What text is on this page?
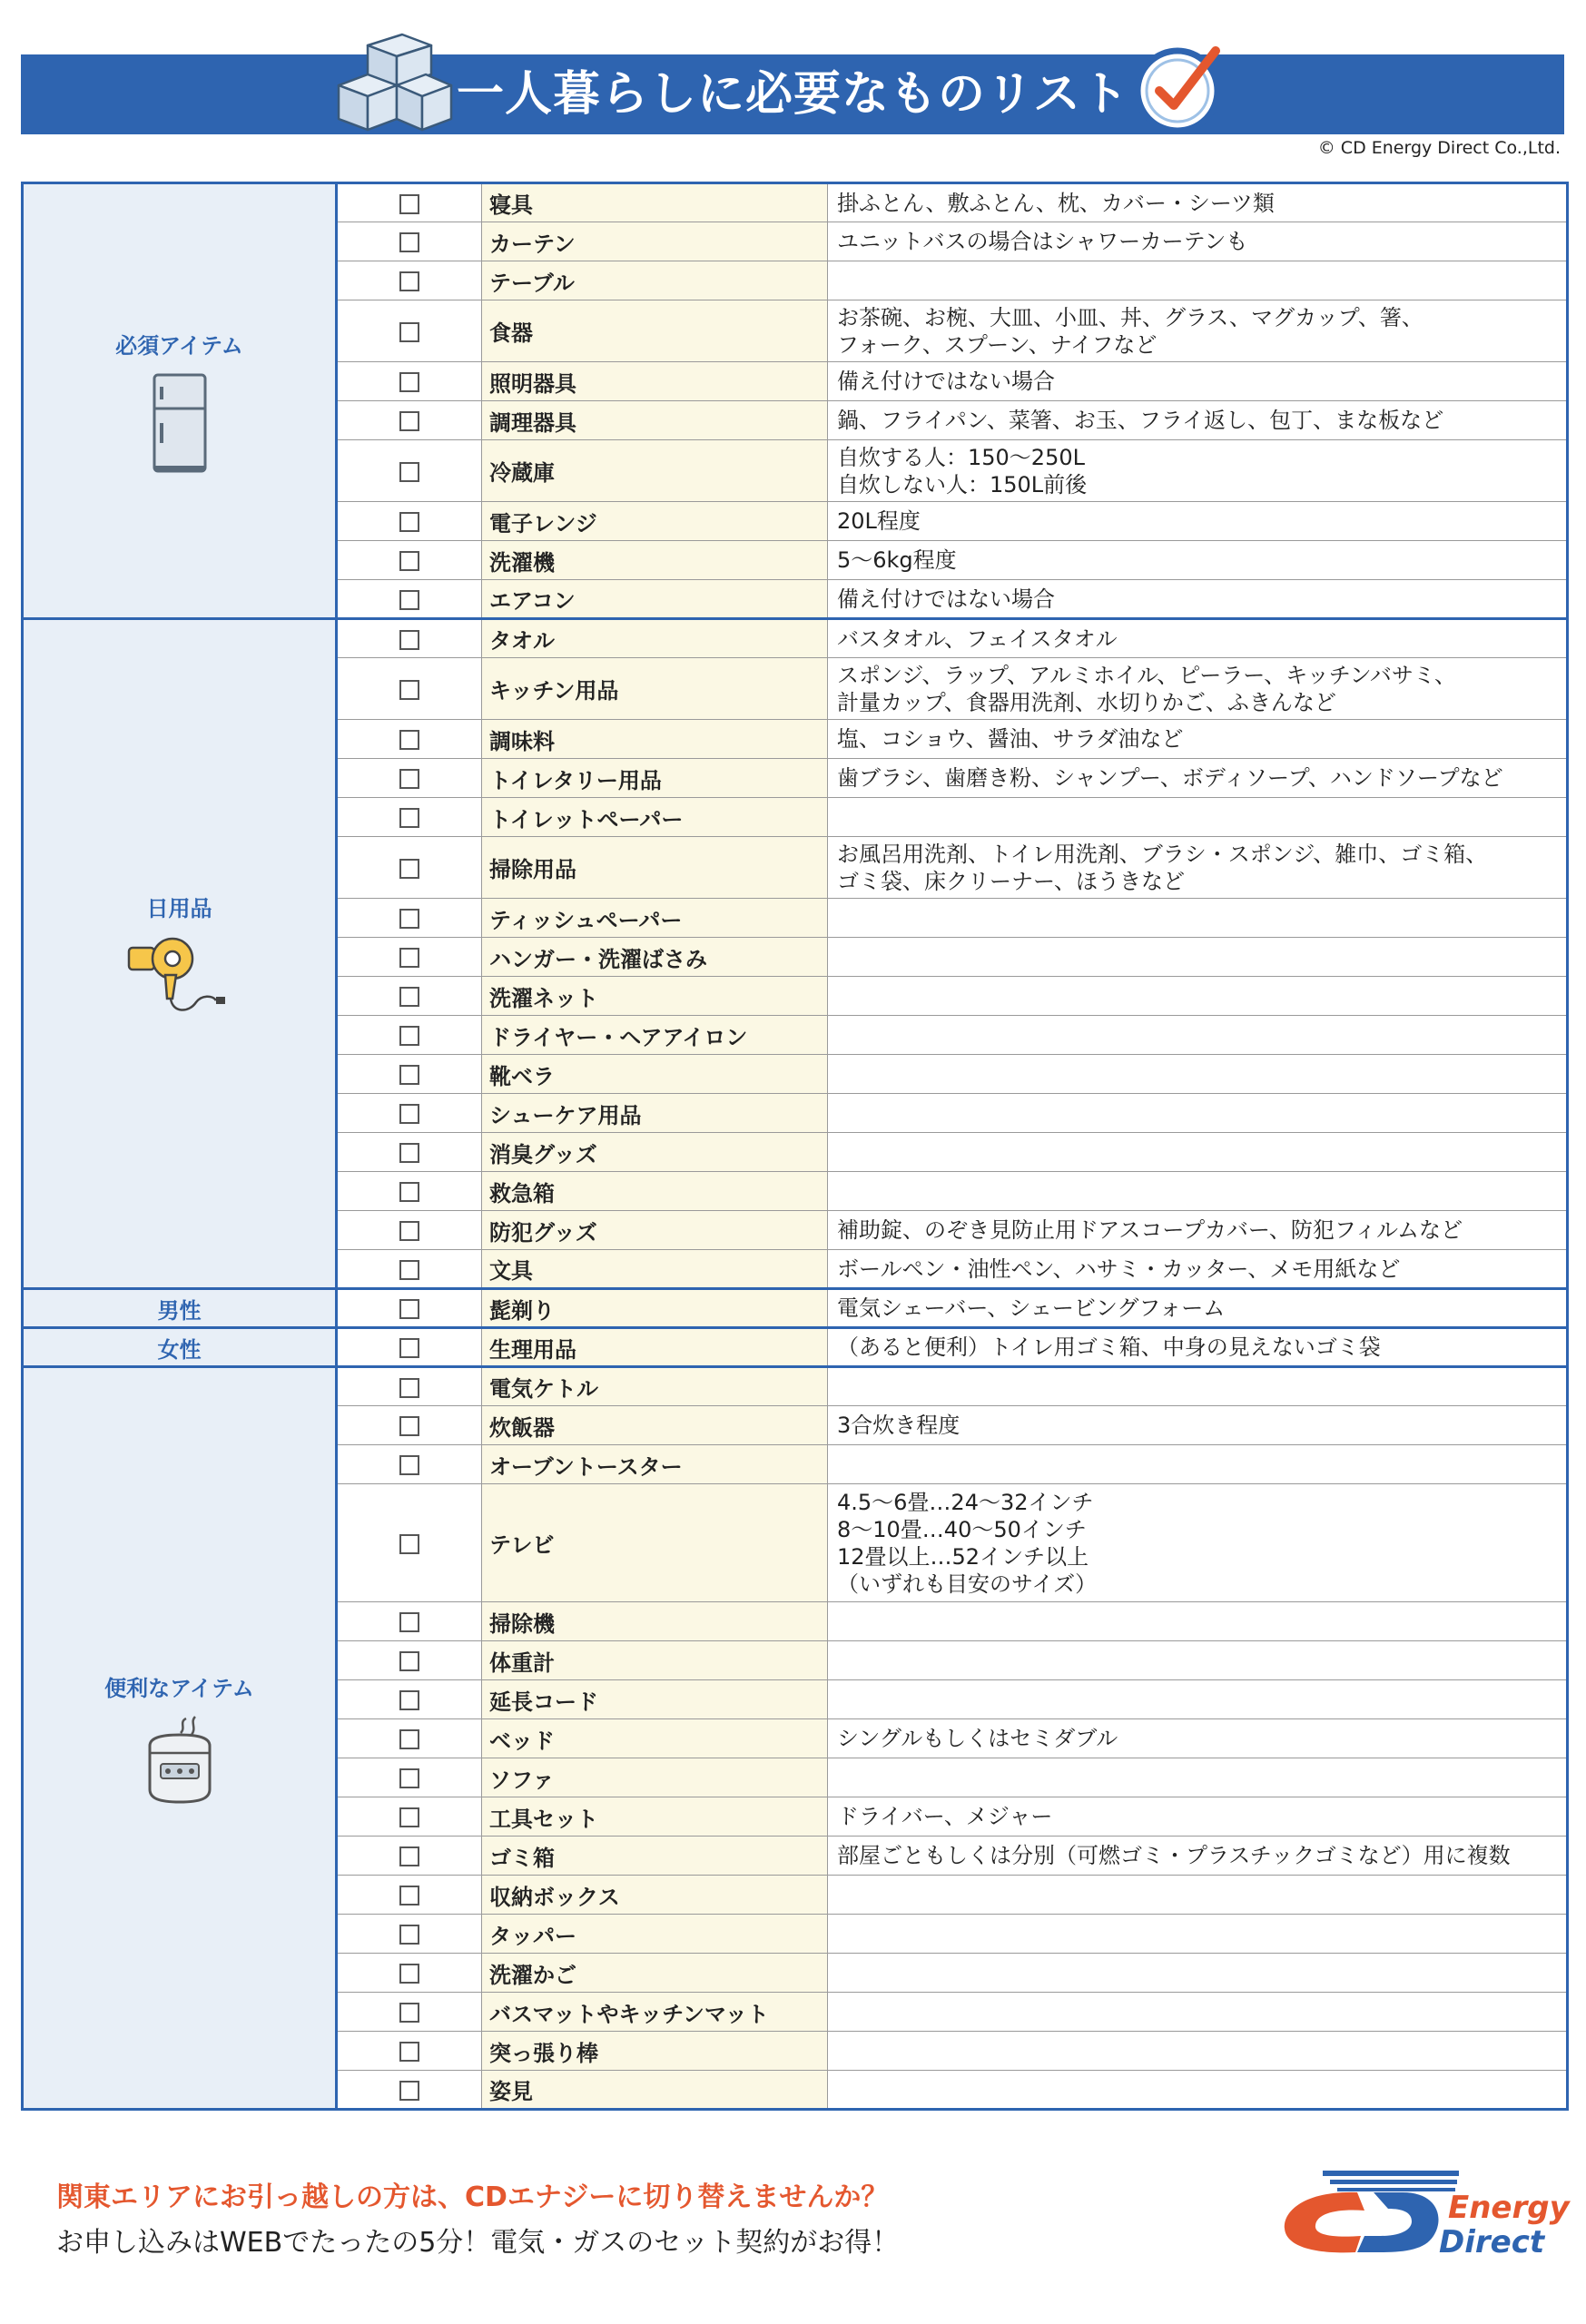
一人暮らしに必要なものリスト
© CD Energy Direct Co.,Ltd.
必須アイテム		寝具	掛ふとん、敷ふとん、枕、カバー・シーツ類

		カーテン	ユニットバスの場合はシャワーカーテンも

		テーブル	
		食器	お茶碗、お椀、大皿、小皿、丼、グラス、マグカップ、箸、
フォーク、スプーン、ナイフなど

		照明器具	備え付けではない場合

		調理器具	鍋、フライパン、菜箸、お玉、フライ返し、包丁、まな板など

		冷蔵庫	自炊する人：150〜250L
自炊しない人：150L前後

		電子レンジ	20L程度

		洗濯機	5〜6kg程度

		エアコン	備え付けではない場合

日用品		タオル	バスタオル、フェイスタオル

		キッチン用品	スポンジ、ラップ、アルミホイル、ピーラー、キッチンバサミ、
計量カップ、食器用洗剤、水切りかご、ふきんなど

		調味料	塩、コショウ、醤油、サラダ油など

		トイレタリー用品	歯ブラシ、歯磨き粉、シャンプー、ボディソープ、ハンドソープなど

		トイレットペーパー	
		掃除用品	お風呂用洗剤、トイレ用洗剤、ブラシ・スポンジ、雑巾、ゴミ箱、
ゴミ袋、床クリーナー、ほうきなど

		ティッシュペーパー	
		ハンガー・洗濯ばさみ	
		洗濯ネット	
		ドライヤー・ヘアアイロン	
		靴ベラ	
		シューケア用品	
		消臭グッズ	
		救急箱	
		防犯グッズ	補助錠、のぞき見防止用ドアスコープカバー、防犯フィルムなど

		文具	ボールペン・油性ペン、ハサミ・カッター、メモ用紙など

男性		髭剃り	電気シェーバー、シェービングフォーム

女性		生理用品	（あると便利）トイレ用ゴミ箱、中身の見えないゴミ袋

便利なアイテム		電気ケトル	
		炊飯器	3合炊き程度

		オーブントースター	
		テレビ	4.5〜6畳…24〜32インチ
8〜10畳…40〜50インチ
12畳以上…52インチ以上
（いずれも目安のサイズ）

		掃除機	
		体重計	
		延長コード	
		ベッド	シングルもしくはセミダブル

		ソファ	
		工具セット	ドライバー、メジャー

		ゴミ箱	部屋ごともしくは分別（可燃ゴミ・プラスチックゴミなど）用に複数

		収納ボックス	
		タッパー	
		洗濯かご	
		バスマットやキッチンマット	
		突っ張り棒	
		姿見	
関東エリアにお引っ越しの方は、CDエナジーに切り替えませんか？
お申し込みはWEBでたったの5分！電気・ガスのセット契約がお得！
Energy
Direct
